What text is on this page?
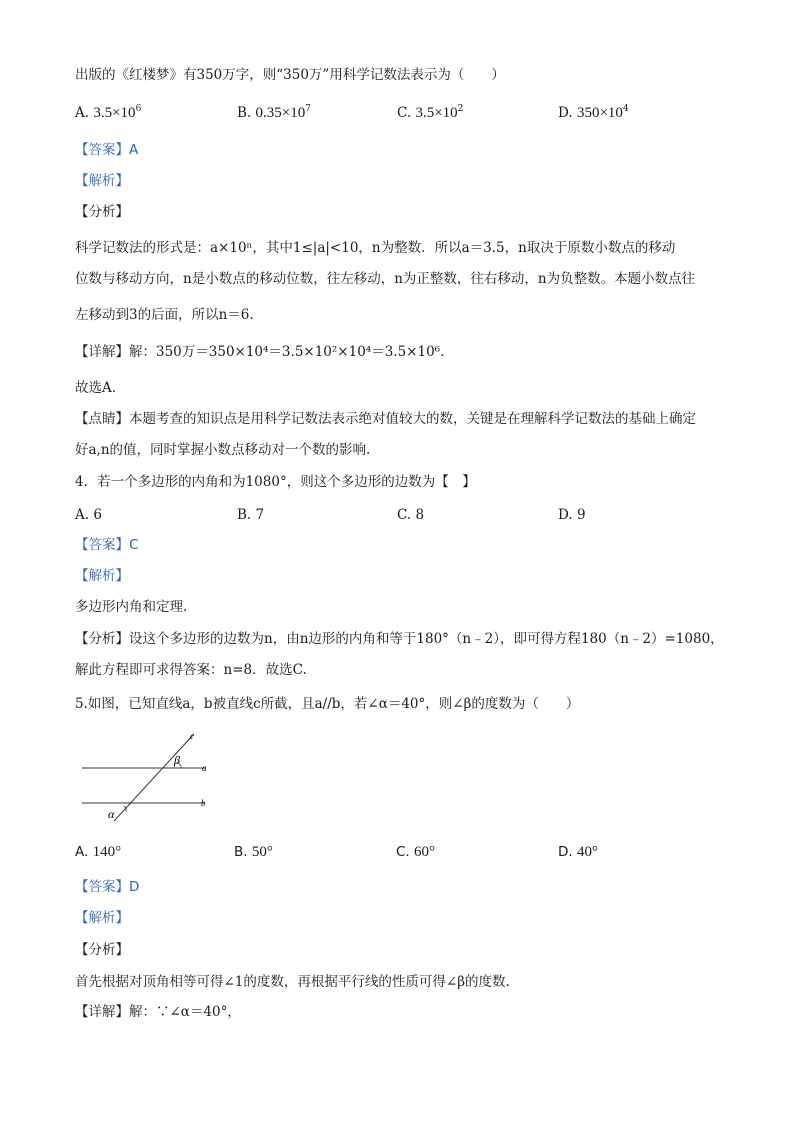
出版的《红楼梦》有350万字，则“350万”用科学记数法表示为（　　）
A. $3.5\times 10^6$	B. $0.35\times 10^7$	C. $3.5\times 10^2$	D. $350\times 10^4$
【答案】A
【解析】
【分析】
科学记数法的形式是：a×10ⁿ，其中1≤|a|<10，n为整数．所以a＝3.5，n取决于原数小数点的移动
位数与移动方向，n是小数点的移动位数，往左移动，n为正整数，往右移动，n为负整数。本题小数点往
左移动到3的后面，所以n＝6.
【详解】解：350万＝350×10⁴＝3.5×10²×10⁴＝3.5×10⁶.
故选A.
【点睛】本题考查的知识点是用科学记数法表示绝对值较大的数，关键是在理解科学记数法的基础上确定
好a,n的值，同时掌握小数点移动对一个数的影响.
4．若一个多边形的内角和为1080°，则这个多边形的边数为【　】
A. 6	B. 7	C. 8	D. 9
【答案】C
【解析】
多边形内角和定理.
【分析】设这个多边形的边数为n，由n边形的内角和等于180°（n﹣2），即可得方程180（n﹣2）=1080，
解此方程即可求得答案：n=8．故选C.
5.如图，已知直线a，b被直线c所截，且a//b，若∠α＝40°，则∠β的度数为（　　）
c
a
b
β
α
A. 140°	B. 50°	C. 60°	D. 40°
【答案】D
【解析】
【分析】
首先根据对顶角相等可得∠1的度数，再根据平行线的性质可得∠β的度数.
【详解】解：∵∠α＝40°，
